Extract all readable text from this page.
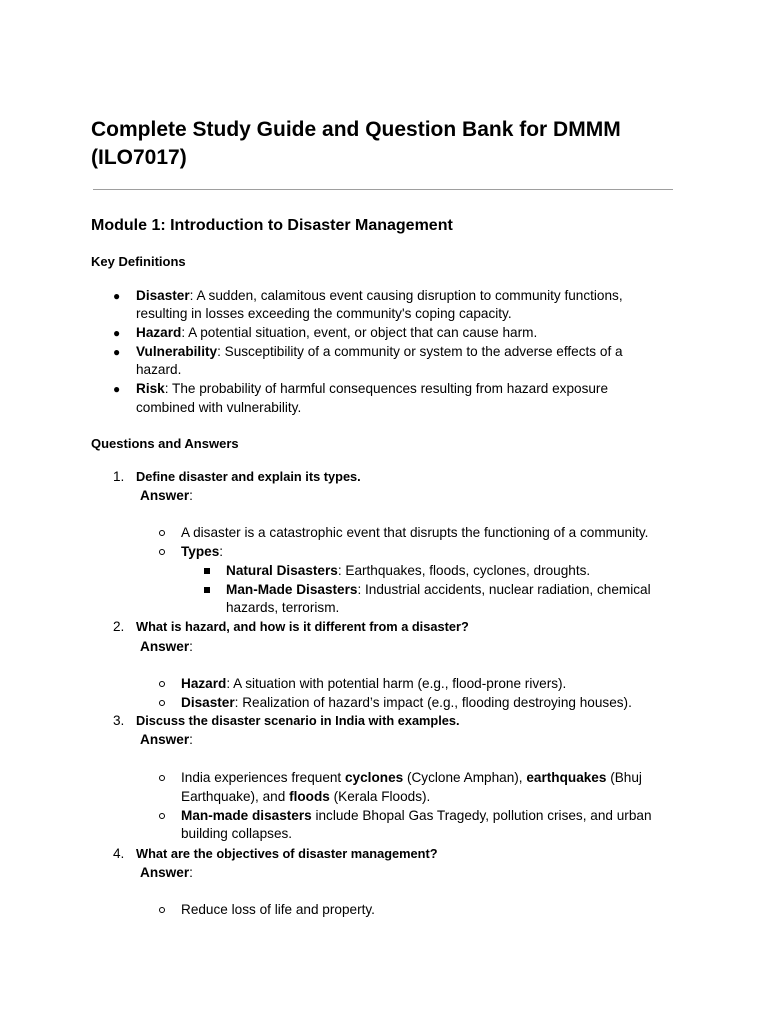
Complete Study Guide and Question Bank for DMMM
(ILO7017)
Module 1: Introduction to Disaster Management
Key Definitions
● Disaster: A sudden, calamitous event causing disruption to community functions,
resulting in losses exceeding the community's coping capacity.
● Hazard: A potential situation, event, or object that can cause harm.
● Vulnerability: Susceptibility of a community or system to the adverse effects of a
hazard.
● Risk: The probability of harmful consequences resulting from hazard exposure
combined with vulnerability.
Questions and Answers
1. Define disaster and explain its types.
Answer:
A disaster is a catastrophic event that disrupts the functioning of a community.
Types:
Natural Disasters: Earthquakes, floods, cyclones, droughts.
Man-Made Disasters: Industrial accidents, nuclear radiation, chemical
hazards, terrorism.
2. What is hazard, and how is it different from a disaster?
Answer:
Hazard: A situation with potential harm (e.g., flood-prone rivers).
Disaster: Realization of hazard’s impact (e.g., flooding destroying houses).
3. Discuss the disaster scenario in India with examples.
Answer:
India experiences frequent cyclones (Cyclone Amphan), earthquakes (Bhuj
Earthquake), and floods (Kerala Floods).
Man-made disasters include Bhopal Gas Tragedy, pollution crises, and urban
building collapses.
4. What are the objectives of disaster management?
Answer:
Reduce loss of life and property.
